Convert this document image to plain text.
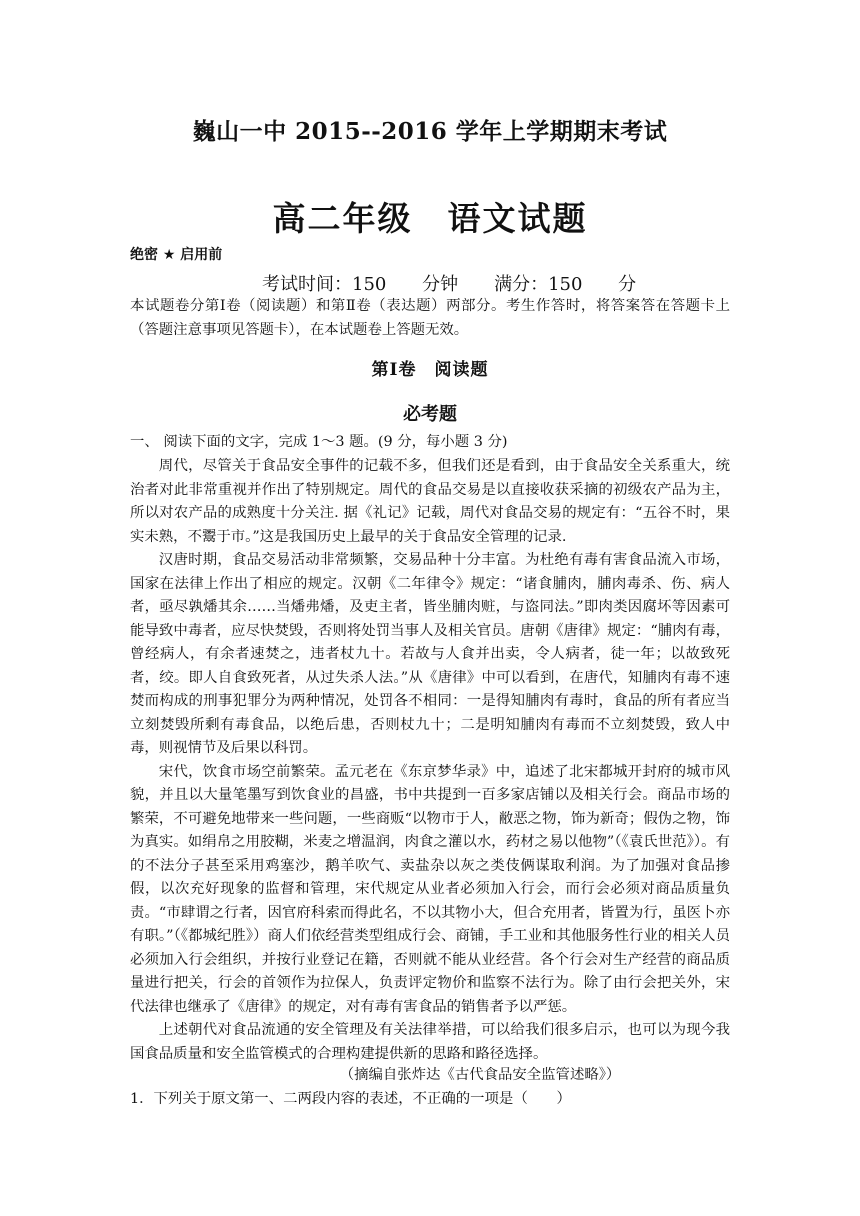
巍山一中 2015--2016 学年上学期期末考试
高二年级　语文试题
绝密 ★ 启用前
考试时间：150 分钟　　满分：150 分
本试题卷分第Ⅰ卷（阅读题）和第Ⅱ卷（表达题）两部分。考生作答时，将答案答在答题卡上（答题注意事项见答题卡），在本试题卷上答题无效。
第Ⅰ卷　阅读题
必考题
一、 阅读下面的文字，完成 1～3 题。(9 分，每小题 3 分)

周代，尽管关于食品安全事件的记载不多，但我们还是看到，由于食品安全关系重大，统治者对此非常重视并作出了特别规定。周代的食品交易是以直接收获采摘的初级农产品为主，所以对农产品的成熟度十分关注. 据《礼记》记载，周代对食品交易的规定有：“五谷不时，果实未熟，不鬻于市。”这是我国历史上最早的关于食品安全管理的记录.

汉唐时期，食品交易活动非常频繁，交易品种十分丰富。为杜绝有毒有害食品流入市场，国家在法律上作出了相应的规定。汉朝《二年律令》规定：“诸食脯肉，脯肉毒杀、伤、病人者，亟尽孰燔其余……当燔弗燔，及吏主者，皆坐脯肉赃，与盗同法。”即肉类因腐坏等因素可能导致中毒者，应尽快焚毁，否则将处罚当事人及相关官员。唐朝《唐律》规定：“脯肉有毒，曾经病人，有余者速焚之，违者杖九十。若故与人食并出卖，令人病者，徒一年；以故致死者，绞。即人自食致死者，从过失杀人法。”从《唐律》中可以看到，在唐代，知脯肉有毒不速焚而构成的刑事犯罪分为两种情况，处罚各不相同：一是得知脯肉有毒时，食品的所有者应当立刻焚毁所剩有毒食品，以绝后患，否则杖九十；二是明知脯肉有毒而不立刻焚毁，致人中毒，则视情节及后果以科罚。

宋代，饮食市场空前繁荣。孟元老在《东京梦华录》中，追述了北宋都城开封府的城市风貌，并且以大量笔墨写到饮食业的昌盛，书中共提到一百多家店铺以及相关行会。商品市场的繁荣，不可避免地带来一些问题，一些商贩“以物市于人，敝恶之物，饰为新奇；假伪之物，饰为真实。如绢帛之用胶糊，米麦之增温润，肉食之灌以水，药材之易以他物”（《袁氏世范》）。有的不法分子甚至采用鸡塞沙，鹅羊吹气、卖盐杂以灰之类伎俩谋取利润。为了加强对食品掺假，以次充好现象的监督和管理，宋代规定从业者必须加入行会，而行会必须对商品质量负责。“市肆谓之行者，因官府科索而得此名，不以其物小大，但合充用者，皆置为行，虽医卜亦有职。”（《都城纪胜》）商人们依经营类型组成行会、商铺，手工业和其他服务性行业的相关人员必须加入行会组织，并按行业登记在籍，否则就不能从业经营。各个行会对生产经营的商品质量进行把关，行会的首领作为拉保人，负责评定物价和监察不法行为。除了由行会把关外，宋代法律也继承了《唐律》的规定，对有毒有害食品的销售者予以严惩。

上述朝代对食品流通的安全管理及有关法律举措，可以给我们很多启示，也可以为现今我国食品质量和安全监管模式的合理构建提供新的思路和路径选择。

（摘编自张炸达《古代食品安全监管述略》）
1．下列关于原文第一、二两段内容的表述，不正确的一项是（　　）
